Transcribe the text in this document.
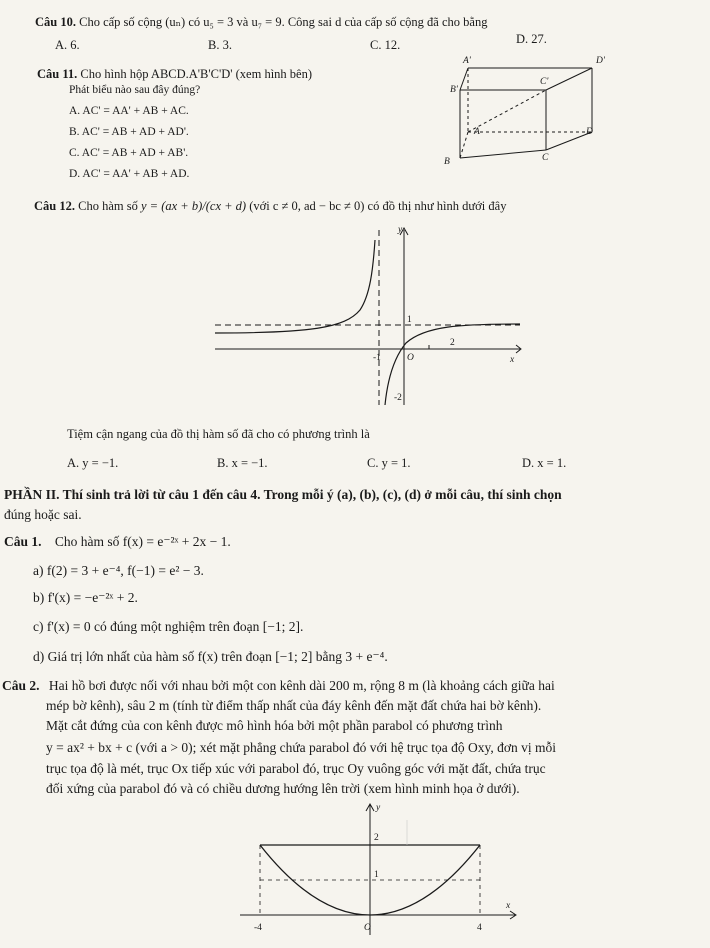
Câu 10. Cho cấp số cộng (uₙ) có u₅ = 3 và u₇ = 9. Công sai d của cấp số cộng đã cho bằng
A. 6.	B. 3.	C. 12.	D. 27.
Câu 11. Cho hình hộp ABCD.A'B'C'D' (xem hình bên)
Phát biểu nào sau đây đúng?
A. AC' = AA' + AB + AC.
B. AC' = AB + AD + AD'.
C. AC' = AB + AD + AB'.
D. AC' = AA' + AB + AD.
A'	D'
B'
C'
A	D
B	C
Câu 12. Cho hàm số y = (ax + b)/(cx + d) (với c ≠ 0, ad − bc ≠ 0) có đồ thị như hình dưới đây
y
x
O
1
2
-1
-2
Tiệm cận ngang của đồ thị hàm số đã cho có phương trình là
A. y = −1.	B. x = −1.	C. y = 1.	D. x = 1.
PHẦN II. Thí sinh trả lời từ câu 1 đến câu 4. Trong mỗi ý (a), (b), (c), (d) ở mỗi câu, thí sinh chọn
đúng hoặc sai.
Câu 1. Cho hàm số f(x) = e⁻²ˣ + 2x − 1.
a) f(2) = 3 + e⁻⁴, f(−1) = e² − 3.
b) f'(x) = −e⁻²ˣ + 2.
c) f'(x) = 0 có đúng một nghiệm trên đoạn [−1; 2].
d) Giá trị lớn nhất của hàm số f(x) trên đoạn [−1; 2] bằng 3 + e⁻⁴.
Câu 2. Hai hồ bơi được nối với nhau bởi một con kênh dài 200 m, rộng 8 m (là khoảng cách giữa hai
mép bờ kênh), sâu 2 m (tính từ điểm thấp nhất của đáy kênh đến mặt đất chứa hai bờ kênh).
Mặt cắt đứng của con kênh được mô hình hóa bởi một phần parabol có phương trình
y = ax² + bx + c (với a > 0); xét mặt phẳng chứa parabol đó với hệ trục tọa độ Oxy, đơn vị mỗi
trục tọa độ là mét, trục Ox tiếp xúc với parabol đó, trục Oy vuông góc với mặt đất, chứa trục
đối xứng của parabol đó và có chiều dương hướng lên trời (xem hình minh họa ở dưới).
y
x
O
2
1
-4	4
